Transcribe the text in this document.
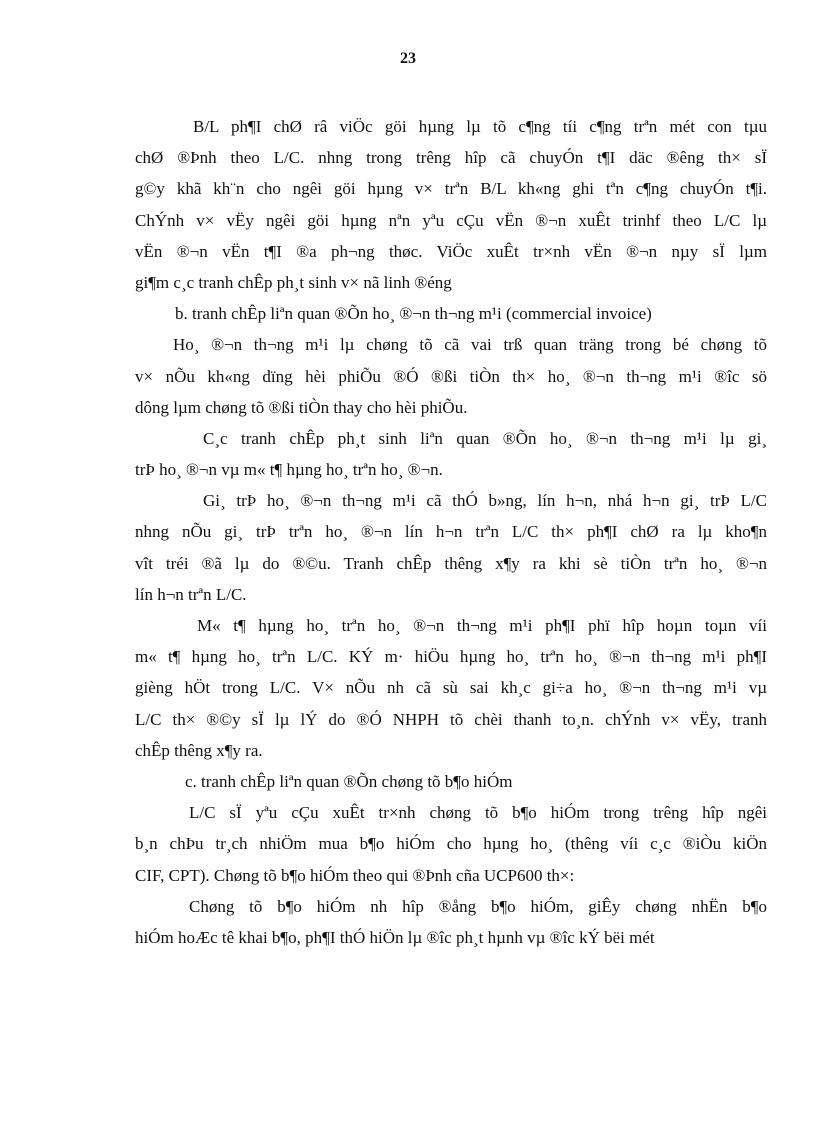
23
B/L ph¶I chØ râ viÖc göi hµng lµ tõ c¶ng tíi c¶ng trªn mét con tµu
chØ ®Þnh theo L/C. nhng trong trêng hîp cã chuyÓn t¶I däc ®êng th× sÏ
g©y khã kh¨n cho ngêi göi hµng v× trªn B/L kh«ng ghi tªn c¶ng chuyÓn t¶i.
ChÝnh v× vËy ngêi göi hµng nªn yªu cÇu vËn ®¬n xuÊt trinhf theo L/C lµ
vËn ®¬n vËn t¶I ®a ph¬ng thøc. ViÖc xuÊt tr×nh vËn ®¬n nµy sÏ lµm
gi¶m c¸c tranh chÊp ph¸t sinh v× nã linh ®éng
b. tranh chÊp liªn quan ®Õn ho¸ ®¬n th¬ng m¹i (commercial invoice)
Ho¸ ®¬n th¬ng m¹i lµ chøng tõ cã vai trß quan träng trong bé chøng tõ
v× nÕu kh«ng dïng hèi phiÕu ®Ó ®ßi tiÒn th× ho¸ ®¬n th¬ng m¹i ®îc sö
dông lµm chøng tõ ®ßi tiÒn thay cho hèi phiÕu.
C¸c tranh chÊp ph¸t sinh liªn quan ®Õn ho¸ ®¬n th¬ng m¹i lµ gi¸
trÞ ho¸ ®¬n vµ m« t¶ hµng ho¸ trªn ho¸ ®¬n.
Gi¸ trÞ ho¸ ®¬n th¬ng m¹i cã thÓ b»ng, lín h¬n, nhá h¬n gi¸ trÞ L/C
nhng nÕu gi¸ trÞ trªn ho¸ ®¬n lín h¬n trªn L/C th× ph¶I chØ ra lµ kho¶n
vît tréi ®ã lµ do ®©u. Tranh chÊp thêng x¶y ra khi sè tiÒn trªn ho¸ ®¬n
lín h¬n trªn L/C.
M« t¶ hµng ho¸ trªn ho¸ ®¬n th¬ng m¹i ph¶I phï hîp hoµn toµn víi
m« t¶ hµng ho¸ trªn L/C. KÝ m· hiÖu hµng ho¸ trªn ho¸ ®¬n th¬ng m¹i ph¶I
gièng hÖt trong L/C. V× nÕu nh cã sù sai kh¸c gi÷a ho¸ ®¬n th¬ng m¹i vµ
L/C th× ®©y sÏ lµ lÝ do ®Ó NHPH tõ chèi thanh to¸n. chÝnh v× vËy, tranh
chÊp thêng x¶y ra.
c. tranh chÊp liªn quan ®Õn chøng tõ b¶o hiÓm
L/C sÏ yªu cÇu xuÊt tr×nh chøng tõ b¶o hiÓm trong trêng hîp ngêi
b¸n chÞu tr¸ch nhiÖm mua b¶o hiÓm cho hµng ho¸ (thêng víi c¸c ®iÒu kiÖn
CIF, CPT). Chøng tõ b¶o hiÓm theo qui ®Þnh cña UCP600 th×:
Chøng tõ b¶o hiÓm nh hîp ®ång b¶o hiÓm, giÊy chøng nhËn b¶o
hiÓm hoÆc tê khai b¶o, ph¶I thÓ hiÖn lµ ®îc ph¸t hµnh vµ ®îc kÝ bëi mét
